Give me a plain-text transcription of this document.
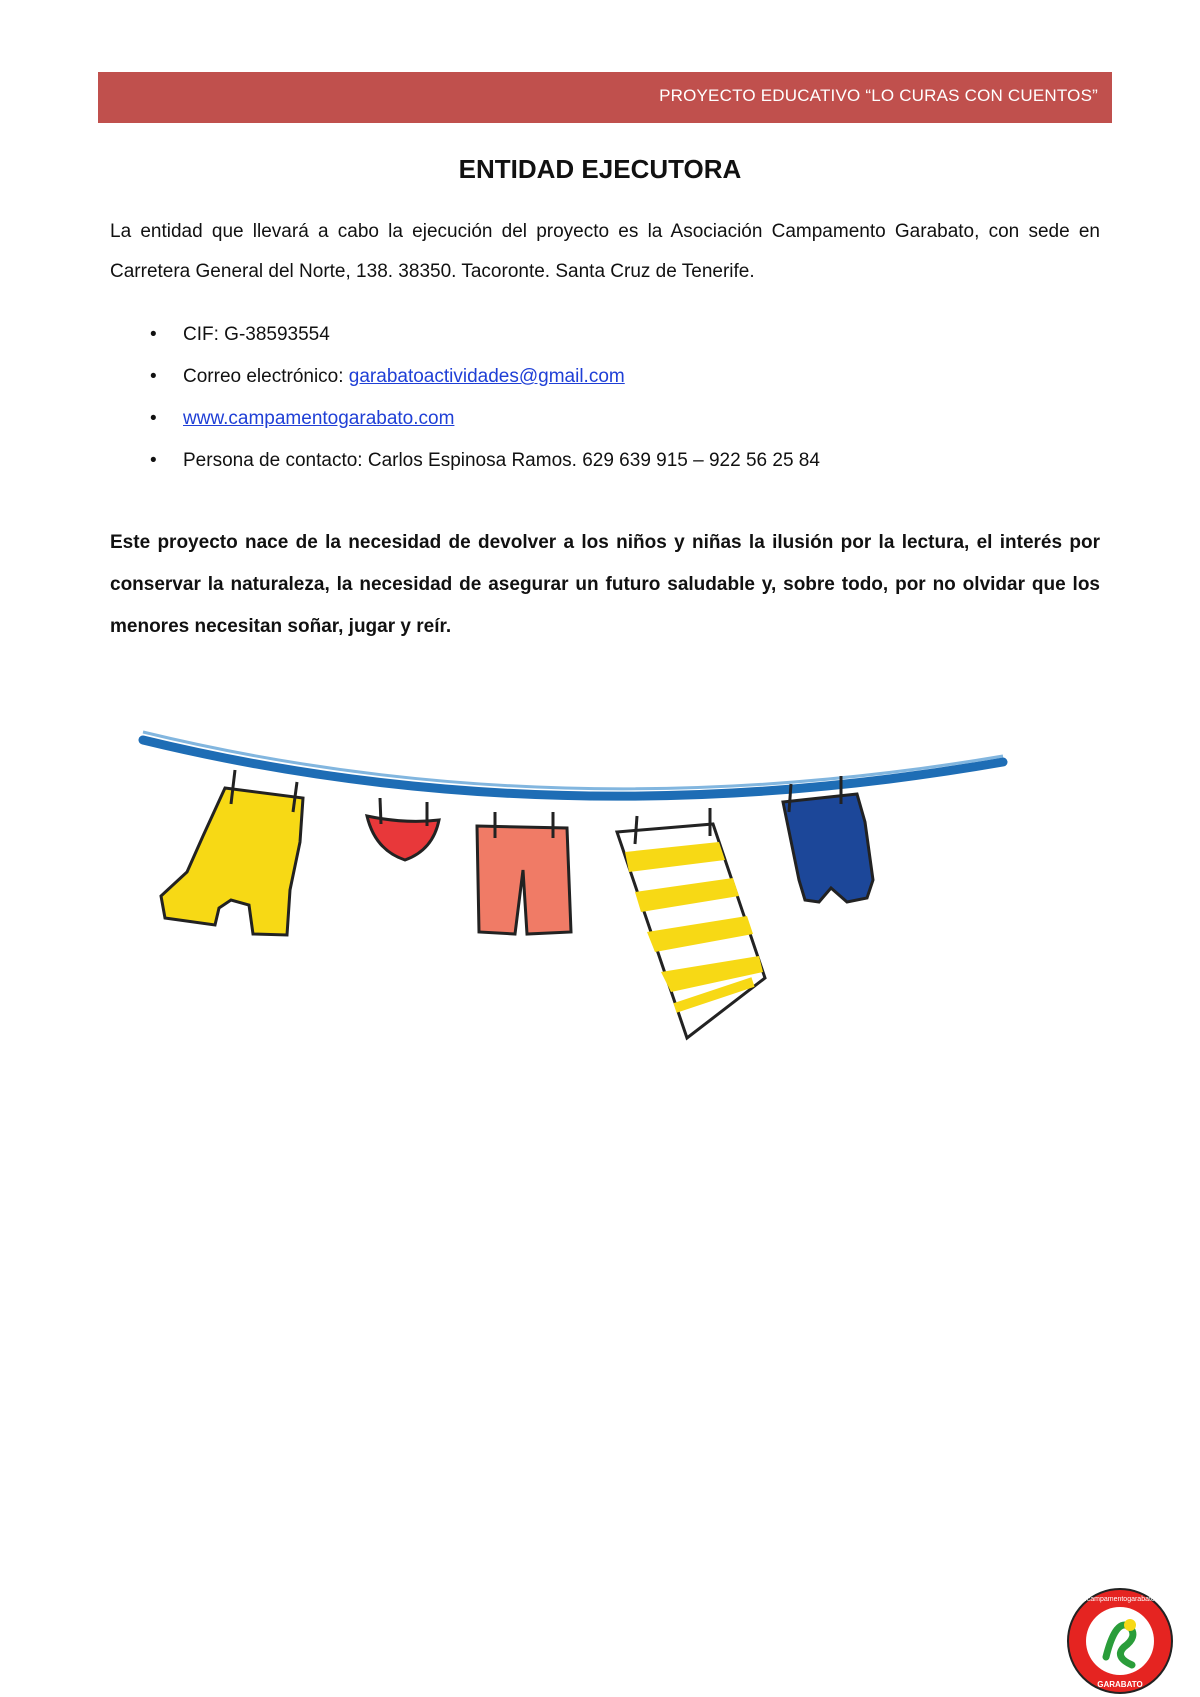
PROYECTO EDUCATIVO “LO CURAS CON CUENTOS”
ENTIDAD EJECUTORA

La entidad que llevará a cabo la ejecución del proyecto es la Asociación Campamento Garabato, con sede en Carretera General del Norte, 138. 38350. Tacoronte. Santa Cruz de Tenerife.

• CIF: G-38593554
• Correo electrónico: garabatoactividades@gmail.com
• www.campamentogarabato.com
• Persona de contacto: Carlos Espinosa Ramos. 629 639 915 – 922 56 25 84

Este proyecto nace de la necesidad de devolver a los niños y niñas la ilusión por la lectura, el interés por conservar la naturaleza, la necesidad de asegurar un futuro saludable y, sobre todo, por no olvidar que los menores necesitan soñar, jugar y reír.

www.campamentogarabato.com
GARABATO
